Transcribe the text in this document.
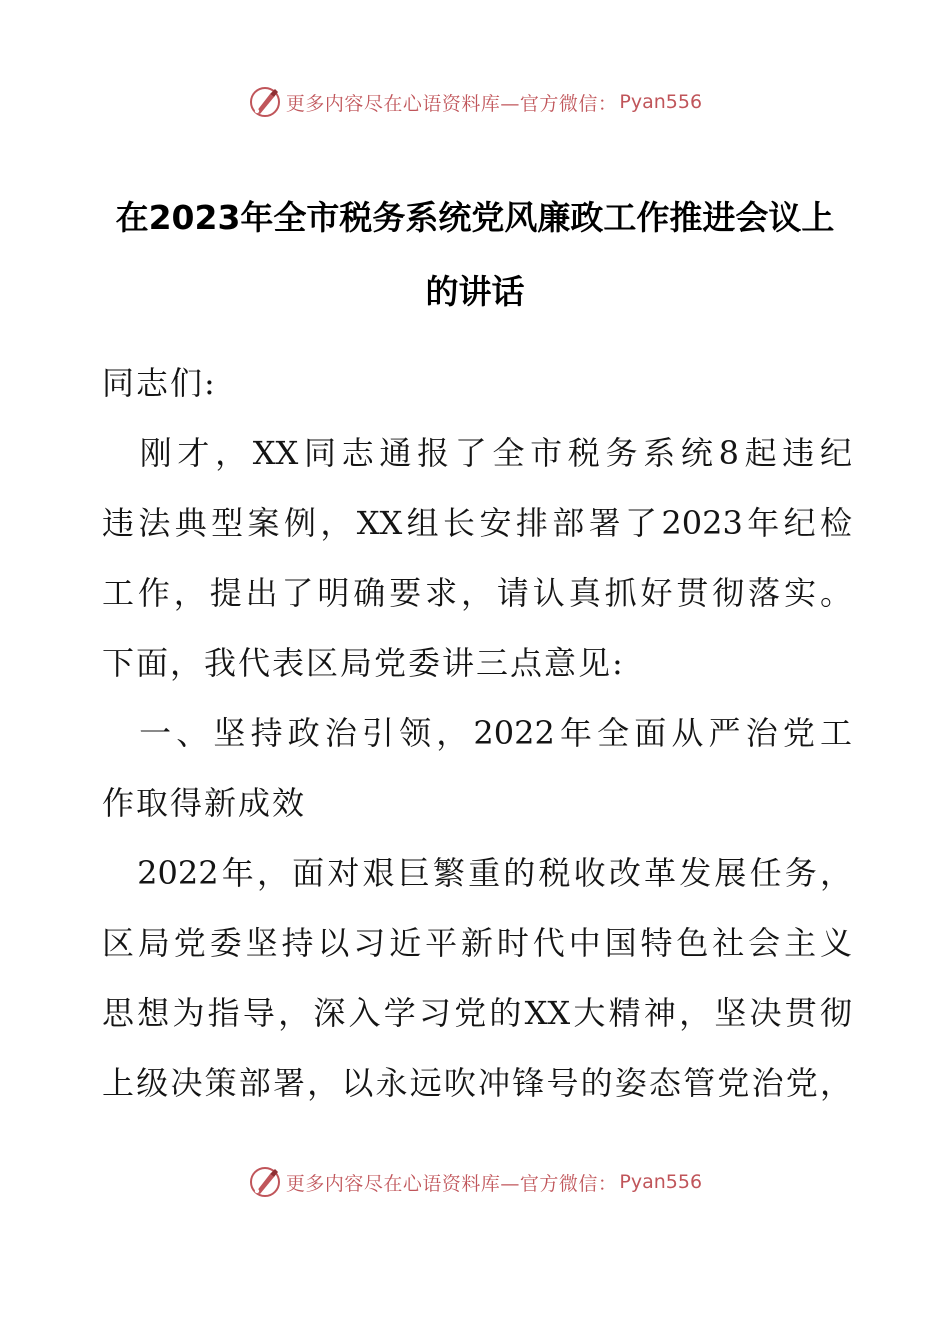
更多内容尽在心语资料库—官方微信： Pyan556
在2023年全市税务系统党风廉政工作推进会议上
的讲话
同志们:
　刚才，XX同志通报了全市税务系统8起违纪
违法典型案例，XX组长安排部署了2023年纪检
工作，提出了明确要求，请认真抓好贯彻落实。
下面，我代表区局党委讲三点意见:
　一、坚持政治引领，2022年全面从严治党工
作取得新成效
　2022年，面对艰巨繁重的税收改革发展任务，
区局党委坚持以习近平新时代中国特色社会主义
思想为指导，深入学习党的XX大精神，坚决贯彻
上级决策部署，以永远吹冲锋号的姿态管党治党，
更多内容尽在心语资料库—官方微信： Pyan556
